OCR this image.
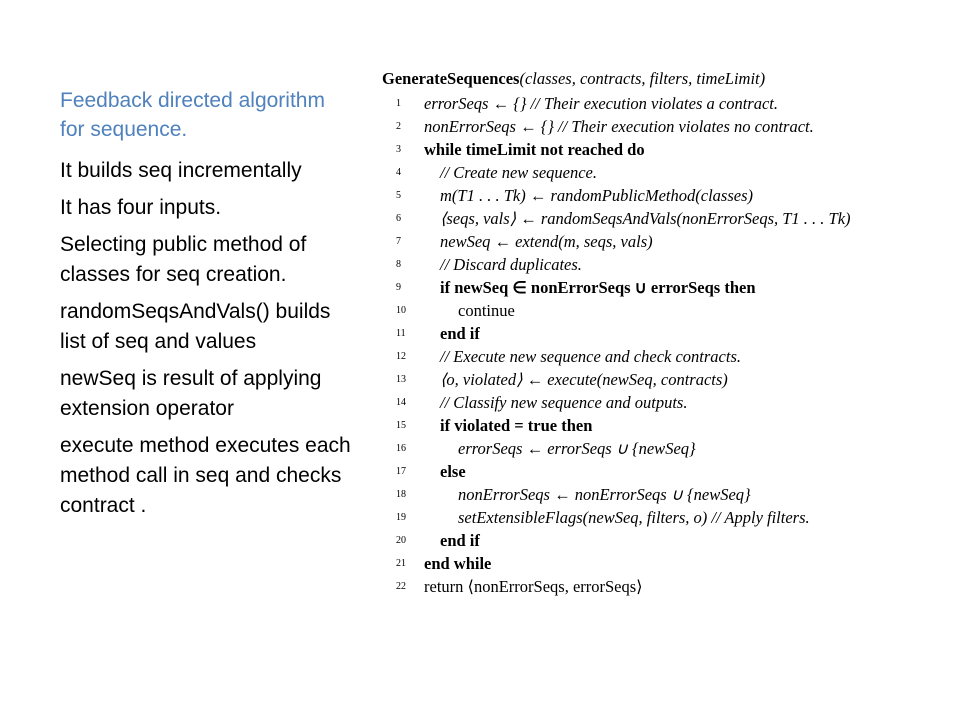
Feedback directed algorithm for sequence.
It builds seq incrementally
It has four inputs.
Selecting public method of classes for seq creation.
randomSeqsAndVals() builds list of seq and values
newSeq is result of applying extension operator
execute method executes each method call in seq and checks contract .
GenerateSequences(classes, contracts, filters, timeLimit)
1	errorSeqs ← {} // Their execution violates a contract.
2	nonErrorSeqs ← {} // Their execution violates no contract.
3	while timeLimit not reached do
4	// Create new sequence.
5	m(T1 . . . Tk) ← randomPublicMethod(classes)
6	⟨seqs, vals⟩ ← randomSeqsAndVals(nonErrorSeqs, T1 . . . Tk)
7	newSeq ← extend(m, seqs, vals)
8	// Discard duplicates.
9	if newSeq ∈ nonErrorSeqs ∪ errorSeqs then
10	continue
11 end if
12 // Execute new sequence and check contracts.
13 ⟨o, violated⟩ ← execute(newSeq, contracts)
14 // Classify new sequence and outputs.
15 if violated = true then
16	errorSeqs ← errorSeqs ∪ {newSeq}
17 else
18	nonErrorSeqs ← nonErrorSeqs ∪ {newSeq}
19	setExtensibleFlags(newSeq, filters, o) // Apply filters.
20 end if
21 end while
22 return ⟨nonErrorSeqs, errorSeqs⟩
